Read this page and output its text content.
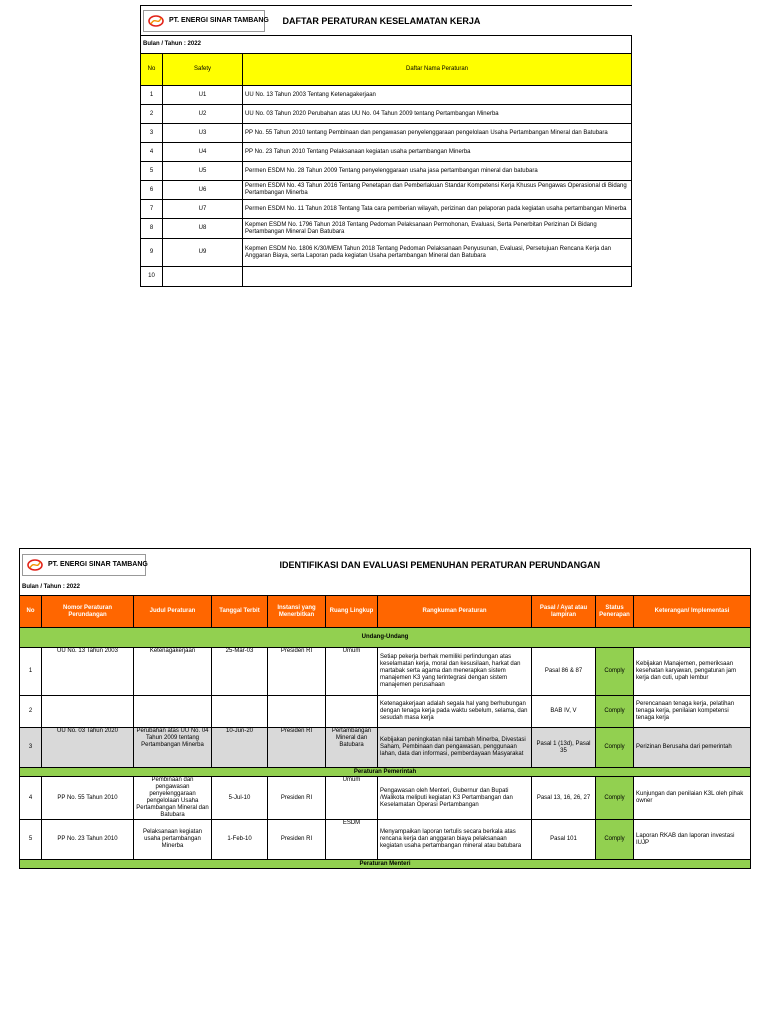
PT. ENERGI SINAR TAMBANG		DAFTAR PERATURAN KESELAMATAN KERJA
Bulan / Tahun : 2022		
No	Safety	Daftar Nama Peraturan
1	U1	UU No. 13 Tahun 2003 Tentang Ketenagakerjaan
2	U2	UU No. 03 Tahun 2020 Perubahan atas UU No. 04 Tahun 2009 tentang Pertambangan Minerba
3	U3	PP No. 55 Tahun 2010 tentang Pembinaan dan pengawasan penyelenggaraan pengelolaan Usaha Pertambangan Mineral dan Batubara
4	U4	PP No. 23 Tahun 2010 Tentang Pelaksanaan kegiatan usaha pertambangan Minerba
5	U5	Permen ESDM No. 28 Tahun 2009 Tentang penyelenggaraan usaha jasa pertambangan mineral dan batubara
6	U6	Permen ESDM No. 43 Tahun 2016 Tentang Penetapan dan Pemberlakuan Standar Kompetensi Kerja Khusus Pengawas Operasional di Bidang Pertambangan Minerba
7	U7	Permen ESDM No. 11 Tahun 2018 Tentang Tata cara pemberian wilayah, perizinan dan pelaporan pada kegiatan usaha pertambangan Minerba
8	U8	Kepmen ESDM No. 1796 Tahun 2018 Tentang Pedoman Pelaksanaan Permohonan, Evaluasi, Serta Penerbitan Perizinan Di Bidang Pertambangan Mineral Dan Batubara
9	U9	Kepmen ESDM No. 1806 K/30/MEM Tahun 2018 Tentang Pedoman Pelaksanaan Penyusunan, Evaluasi, Persetujuan Rencana Kerja dan Anggaran Biaya, serta Laporan pada kegiatan Usaha pertambangan Mineral dan Batubara
10		
PT. ENERGI SINAR TAMBANG				IDENTIFIKASI DAN EVALUASI PEMENUHAN PERATURAN PERUNDANGAN					
Bulan / Tahun : 2022									
No	Nomor Peraturan Perundangan	Judul Peraturan	Tanggal Terbit	Instansi yang Menerbitkan	Ruang Lingkup	Rangkuman Peraturan	Pasal / Ayat atau lampiran	Status Penerapan	Keterangan/ Implementasi
Undang-Undang									
1	UU No. 13 Tahun 2003	Ketenagakerjaan	25-Mar-03	Presiden RI	Umum	Setiap pekerja berhak memiliki perlindungan atas keselamatan kerja, moral dan kesusilaan, harkat dan martabak serta agama dan menerapkan sistem manajemen K3 yang terintegrasi dengan sistem manajemen perusahaan	Pasal 86 & 87	Comply	Kebijakan Manajemen, pemeriksaan kesehatan karyawan, pengaturan jam kerja dan cuti, upah lembur
2						Ketenagakerjaan adalah segala hal yang berhubungan dengan tenaga kerja pada waktu sebelum, selama, dan sesudah masa kerja	BAB IV, V	Comply	Perencanaan tenaga kerja, pelatihan tenaga kerja, penilaian kompetensi tenaga kerja
3	UU No. 03 Tahun 2020	Perubahan atas UU No. 04 Tahun 2009 tentang Pertambangan Minerba	10-Jun-20	Presiden RI	Pertambangan Mineral dan Batubara	Kebijakan peningkatan nilai tambah Minerba, Divestasi Saham, Pembinaan dan pengawasan, penggunaan lahan, data dan informasi, pemberdayaan Masyarakat	Pasal 1 (13d), Pasal 35	Comply	Perizinan Berusaha dari pemerintah
Peraturan Pemerintah									
4	PP No. 55 Tahun 2010	Pembinaan dan pengawasan penyelenggaraan pengelolaan Usaha Pertambangan Mineral dan Batubara	5-Jul-10	Presiden RI	Umum	Pengawasan oleh Menteri, Gubernur dan Bupati /Walikota meliputi kegiatan K3 Pertambangan dan Keselamatan Operasi Pertambangan	Pasal 13, 16, 26, 27	Comply	Kunjungan dan penilaian K3L oleh pihak owner
5	PP No. 23 Tahun 2010	Pelaksanaan kegiatan usaha pertambangan Minerba	1-Feb-10	Presiden RI	ESDM	Menyampaikan laporan tertulis secara berkala atas rencana kerja dan anggaran biaya pelaksanaan kegiatan usaha pertambangan mineral atau batubara	Pasal 101	Comply	Laporan RKAB dan laporan investasi IUJP
Peraturan Menteri									
